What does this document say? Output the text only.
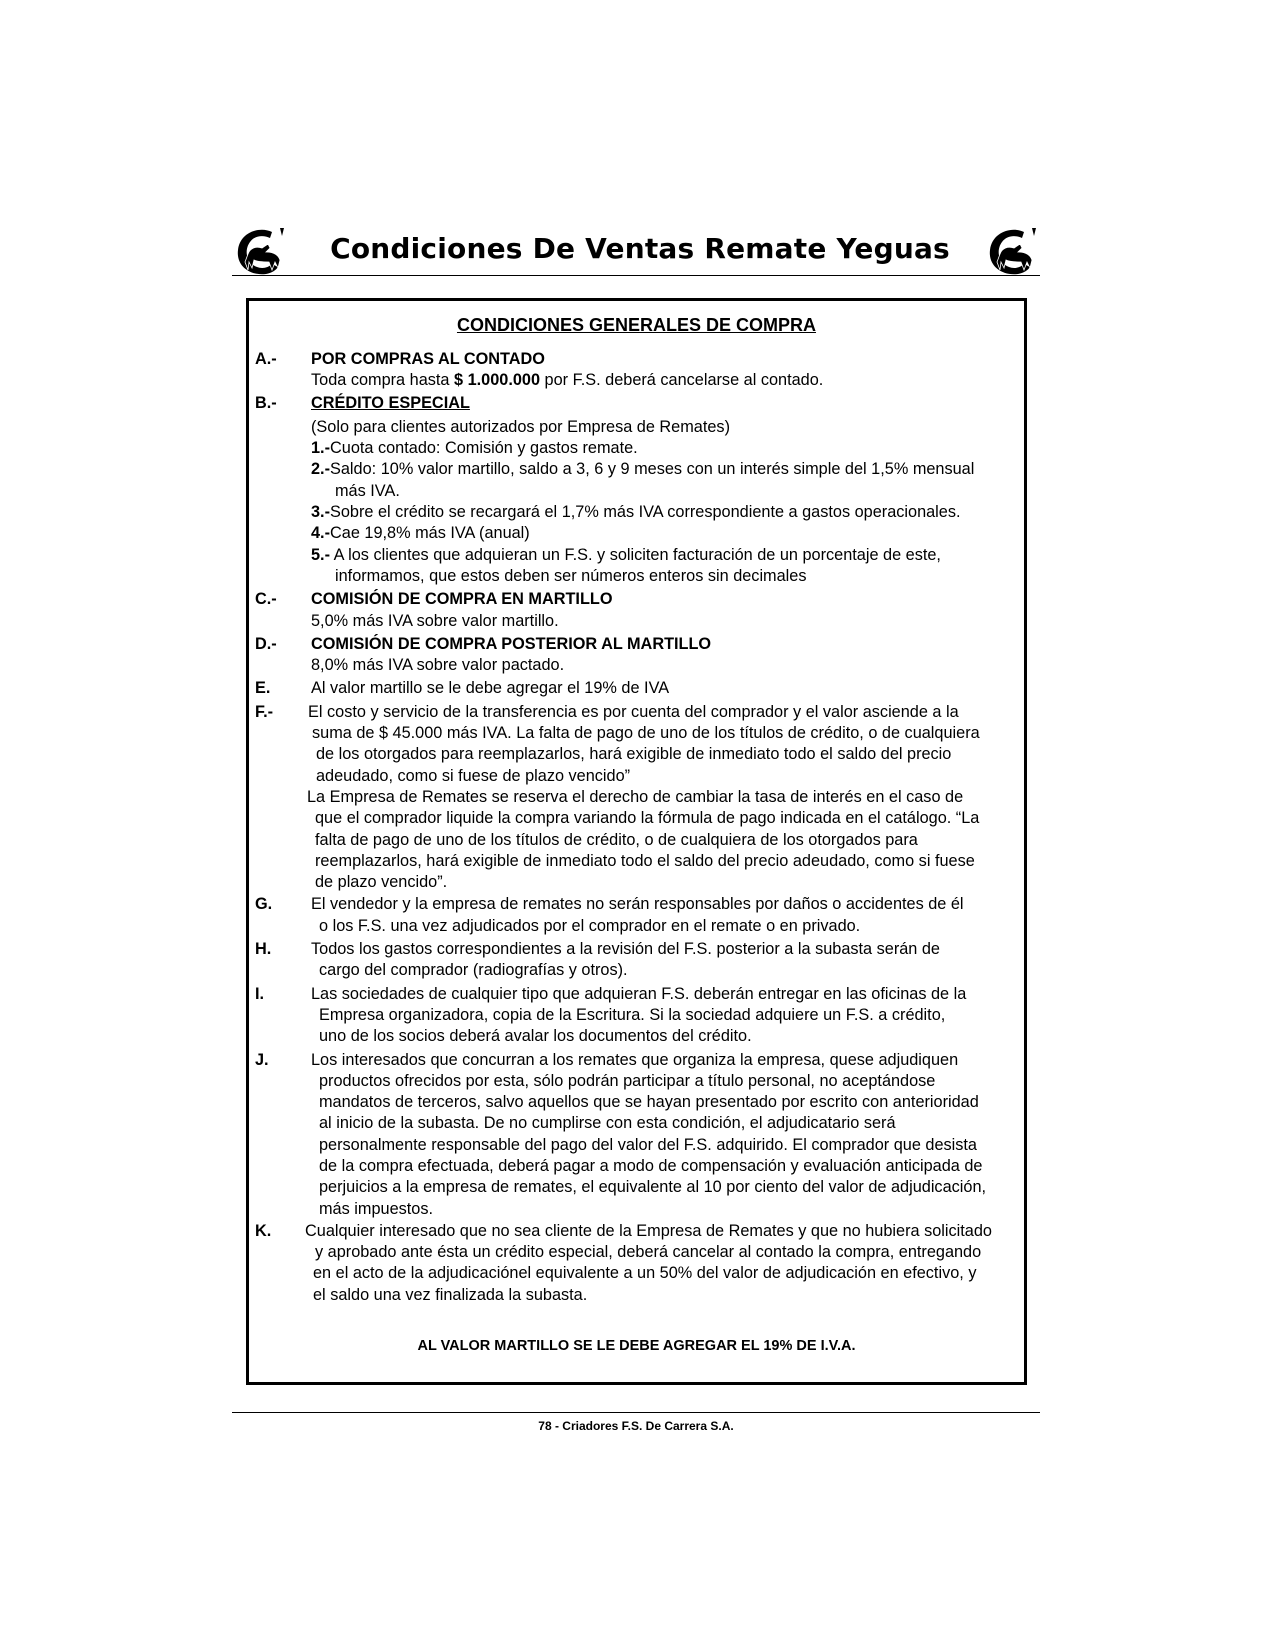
Condiciones De Ventas Remate Yeguas
CONDICIONES GENERALES DE COMPRA
A.- POR COMPRAS AL CONTADO
Toda compra hasta $ 1.000.000 por F.S. deberá cancelarse al contado.
B.- CRÉDITO ESPECIAL
(Solo para clientes autorizados por Empresa de Remates)
1.-Cuota contado: Comisión y gastos remate.
2.-Saldo: 10% valor martillo, saldo a 3, 6 y 9 meses con un interés simple del 1,5% mensual
más IVA.
3.-Sobre el crédito se recargará el 1,7% más IVA correspondiente a gastos operacionales.
4.-Cae 19,8% más IVA (anual)
5.- A los clientes que adquieran un F.S. y soliciten facturación de un porcentaje de este,
informamos, que estos deben ser números enteros sin decimales
C.- COMISIÓN DE COMPRA EN MARTILLO
5,0% más IVA sobre valor martillo.
D.- COMISIÓN DE COMPRA POSTERIOR AL MARTILLO
8,0% más IVA sobre valor pactado.
E. Al valor martillo se le debe agregar el 19% de IVA
F.- El costo y servicio de la transferencia es por cuenta del comprador y el valor asciende a la
suma de $ 45.000 más IVA. La falta de pago de uno de los títulos de crédito, o de cualquiera
de los otorgados para reemplazarlos, hará exigible de inmediato todo el saldo del precio
adeudado, como si fuese de plazo vencido”
La Empresa de Remates se reserva el derecho de cambiar la tasa de interés en el caso de
que el comprador liquide la compra variando la fórmula de pago indicada en el catálogo. “La
falta de pago de uno de los títulos de crédito, o de cualquiera de los otorgados para
reemplazarlos, hará exigible de inmediato todo el saldo del precio adeudado, como si fuese
de plazo vencido”.
G. El vendedor y la empresa de remates no serán responsables por daños o accidentes de él
o los F.S. una vez adjudicados por el comprador en el remate o en privado.
H. Todos los gastos correspondientes a la revisión del F.S. posterior a la subasta serán de
cargo del comprador (radiografías y otros).
I.	Las sociedades de cualquier tipo que adquieran F.S. deberán entregar en las oficinas de la
Empresa organizadora, copia de la Escritura. Si la sociedad adquiere un F.S. a crédito,
uno de los socios deberá avalar los documentos del crédito.
J.	Los interesados que concurran a los remates que organiza la empresa, quese adjudiquen
productos ofrecidos por esta, sólo podrán participar a título personal, no aceptándose
mandatos de terceros, salvo aquellos que se hayan presentado por escrito con anterioridad
al inicio de la subasta. De no cumplirse con esta condición, el adjudicatario será
personalmente responsable del pago del valor del F.S. adquirido. El comprador que desista
de la compra efectuada, deberá pagar a modo de compensación y evaluación anticipada de
perjuicios a la empresa de remates, el equivalente al 10 por ciento del valor de adjudicación,
más impuestos.
K. Cualquier interesado que no sea cliente de la Empresa de Remates y que no hubiera solicitado
y aprobado ante ésta un crédito especial, deberá cancelar al contado la compra, entregando
en el acto de la adjudicaciónel equivalente a un 50% del valor de adjudicación en efectivo, y
el saldo una vez finalizada la subasta.
AL VALOR MARTILLO SE LE DEBE AGREGAR EL 19% DE I.V.A.
78 - Criadores F.S. De Carrera S.A.
